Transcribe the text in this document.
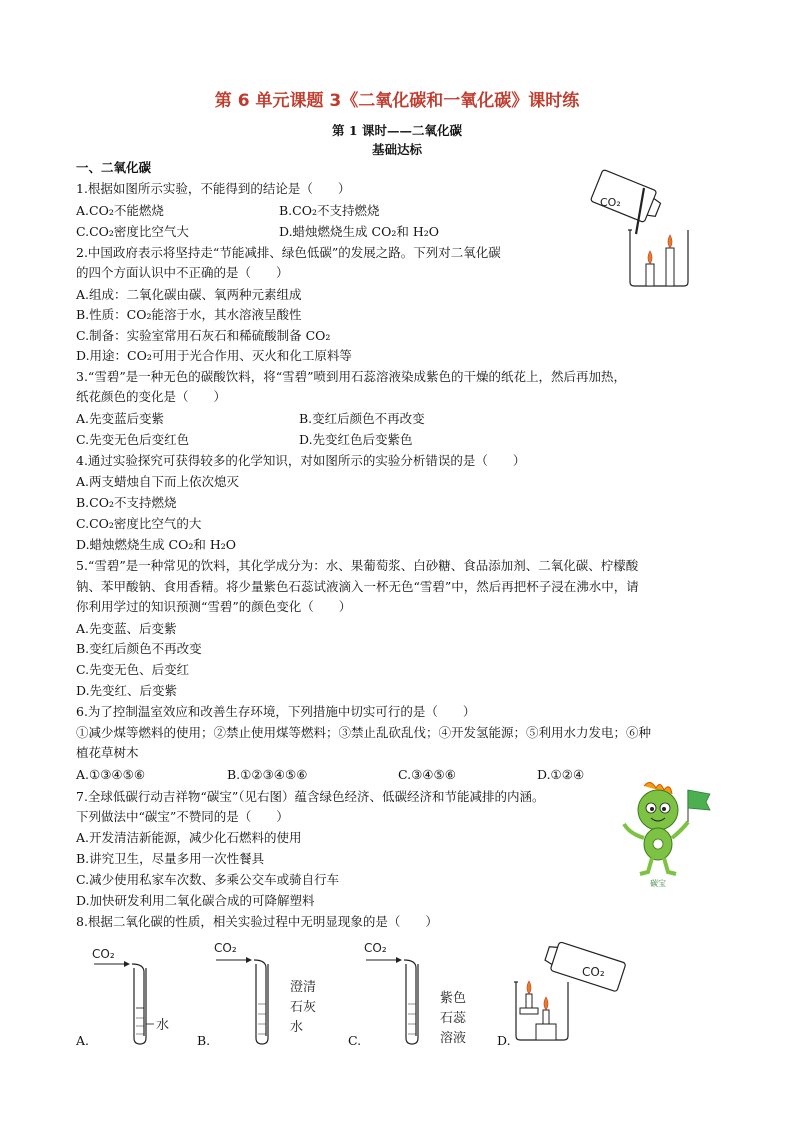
第 6 单元课题 3《二氧化碳和一氧化碳》课时练
第 1 课时——二氧化碳
基础达标
一、二氧化碳
1.根据如图所示实验，不能得到的结论是（　　）
A.CO₂不能燃烧	B.CO₂不支持燃烧
C.CO₂密度比空气大	D.蜡烛燃烧生成 CO₂和 H₂O
CO₂
2.中国政府表示将坚持走“节能减排、绿色低碳”的发展之路。下列对二氧化碳
的四个方面认识中不正确的是（　　）
A.组成：二氧化碳由碳、氧两种元素组成
B.性质：CO₂能溶于水，其水溶液呈酸性
C.制备：实验室常用石灰石和稀硫酸制备 CO₂
D.用途：CO₂可用于光合作用、灭火和化工原料等
3.“雪碧”是一种无色的碳酸饮料，将“雪碧”喷到用石蕊溶液染成紫色的干燥的纸花上，然后再加热，
纸花颜色的变化是（　　）
A.先变蓝后变紫	B.变红后颜色不再改变
C.先变无色后变红色	D.先变红色后变紫色
4.通过实验探究可获得较多的化学知识，对如图所示的实验分析错误的是（　　）
A.两支蜡烛自下而上依次熄灭
B.CO₂不支持燃烧
C.CO₂密度比空气的大
D.蜡烛燃烧生成 CO₂和 H₂O
5.“雪碧”是一种常见的饮料，其化学成分为：水、果葡萄浆、白砂糖、食品添加剂、二氧化碳、柠檬酸
钠、苯甲酸钠、食用香精。将少量紫色石蕊试液滴入一杯无色“雪碧”中，然后再把杯子浸在沸水中，请
你利用学过的知识预测“雪碧”的颜色变化（　　）
A.先变蓝、后变紫
B.变红后颜色不再改变
C.先变无色、后变红
D.先变红、后变紫
6.为了控制温室效应和改善生存环境，下列措施中切实可行的是（　　）
①减少煤等燃料的使用；②禁止使用煤等燃料；③禁止乱砍乱伐；④开发氢能源；⑤利用水力发电；⑥种
植花草树木
A.①③④⑤⑥	B.①②③④⑤⑥	C.③④⑤⑥	D.①②④
7.全球低碳行动吉祥物“碳宝”（见右图）蕴含绿色经济、低碳经济和节能减排的内涵。
下列做法中“碳宝”不赞同的是（　　）
A.开发清洁新能源，减少化石燃料的使用
B.讲究卫生，尽量多用一次性餐具
C.减少使用私家车次数、多乘公交车或骑自行车
D.加快研发利用二氧化碳合成的可降解塑料
碳宝
8.根据二氧化碳的性质，相关实验过程中无明显现象的是（　　）
A.
CO₂
水
B.
CO₂
澄清
石灰
水
C.
CO₂
紫色
石蕊
溶液 D.
CO₂
